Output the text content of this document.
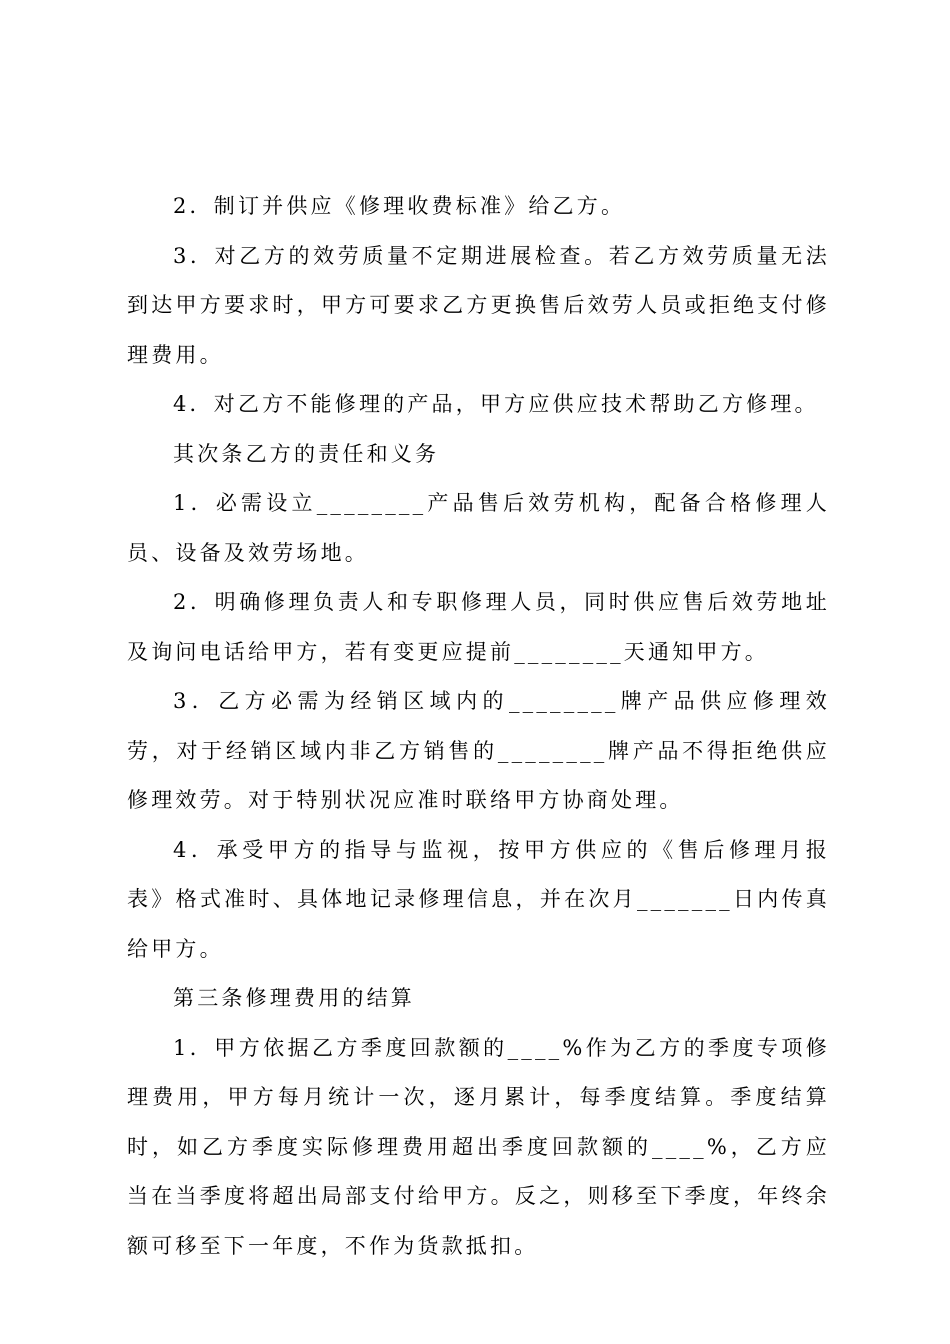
2．制订并供应《修理收费标准》给乙方。

3．对乙方的效劳质量不定期进展检查。若乙方效劳质量无法到达甲方要求时，甲方可要求乙方更换售后效劳人员或拒绝支付修理费用。

4．对乙方不能修理的产品，甲方应供应技术帮助乙方修理。

其次条乙方的责任和义务

1．必需设立________产品售后效劳机构，配备合格修理人员、设备及效劳场地。

2．明确修理负责人和专职修理人员，同时供应售后效劳地址及询问电话给甲方，若有变更应提前________天通知甲方。

3．乙方必需为经销区域内的________牌产品供应修理效劳，对于经销区域内非乙方销售的________牌产品不得拒绝供应修理效劳。对于特别状况应准时联络甲方协商处理。

4．承受甲方的指导与监视，按甲方供应的《售后修理月报表》格式准时、具体地记录修理信息，并在次月_______日内传真给甲方。

第三条修理费用的结算

1．甲方依据乙方季度回款额的____%作为乙方的季度专项修理费用，甲方每月统计一次，逐月累计，每季度结算。季度结算时，如乙方季度实际修理费用超出季度回款额的____%，乙方应当在当季度将超出局部支付给甲方。反之，则移至下季度，年终余额可移至下一年度，不作为货款抵扣。
